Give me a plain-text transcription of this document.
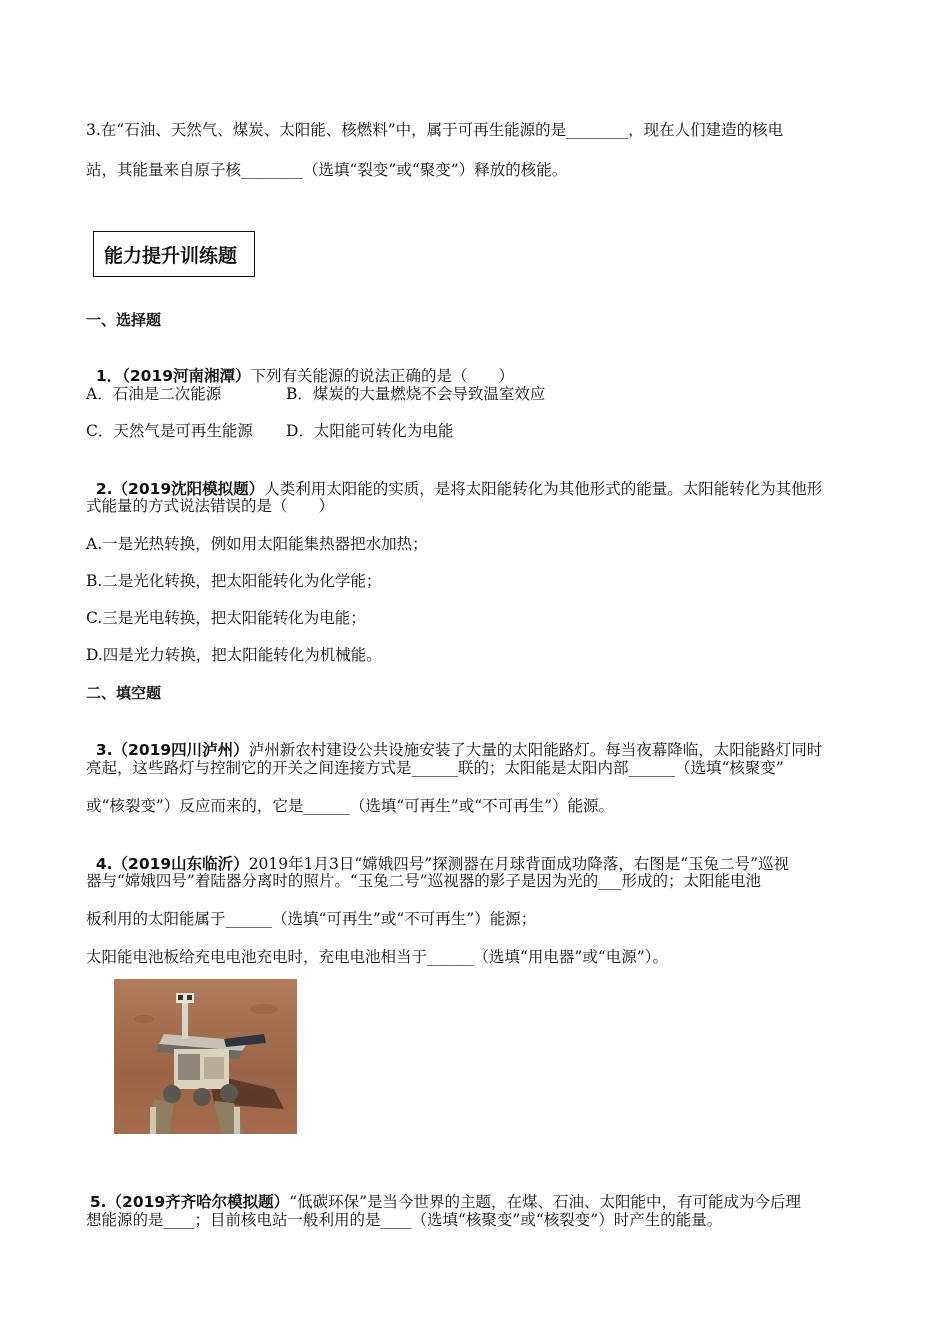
3.在“石油、天然气、煤炭、太阳能、核燃料”中，属于可再生能源的是________，现在人们建造的核电
站，其能量来自原子核________（选填“裂变”或“聚变”）释放的核能。
能力提升训练题
一、选择题

1．（2019河南湘潭）下列有关能源的说法正确的是（　　）

A．石油是二次能源	B．煤炭的大量燃烧不会导致温室效应
C．天然气是可再生能源 D．太阳能可转化为电能

2.（2019沈阳模拟题）人类利用太阳能的实质，是将太阳能转化为其他形式的能量。太阳能转化为其他形

式能量的方式说法错误的是（　　）
A.一是光热转换，例如用太阳能集热器把水加热；
B.二是光化转换，把太阳能转化为化学能；
C.三是光电转换，把太阳能转化为电能；
D.四是光力转换，把太阳能转化为机械能。
二、填空题

3.（2019四川泸州）泸州新农村建设公共设施安装了大量的太阳能路灯。每当夜幕降临，太阳能路灯同时

亮起，这些路灯与控制它的开关之间连接方式是______联的；太阳能是太阳内部______（选填“核聚变”
或“核裂变”）反应而来的，它是______（选填“可再生”或“不可再生”）能源。

4.（2019山东临沂）2019年1月3日“嫦娥四号”探测器在月球背面成功降落，右图是“玉兔二号”巡视

器与“嫦娥四号”着陆器分离时的照片。“玉兔二号”巡视器的影子是因为光的___形成的；太阳能电池
板利用的太阳能属于______（选填“可再生”或“不可再生”）能源；
太阳能电池板给充电电池充电时，充电电池相当于______（选填“用电器”或“电源”）。

5.（2019齐齐哈尔模拟题）“低碳环保”是当今世界的主题，在煤、石油、太阳能中，有可能成为今后理

想能源的是____；目前核电站一般利用的是____（选填“核聚变”或“核裂变”）时产生的能量。
